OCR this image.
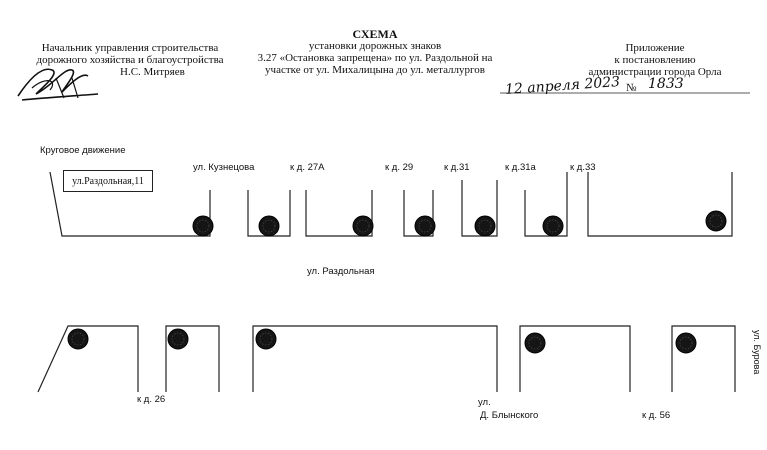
Начальник управления строительства
дорожного хозяйства и благоустройства
Н.С. Митряев
СХЕМА
установки дорожных знаков
3.27 «Остановка запрещена» по ул. Раздольной на
участке от ул. Михалицына до ул. металлургов
Приложение
к постановлению
администрации города Орла
12 апреля 2023 № 1833
Круговое движение
ул. Кузнецова	к д. 27А	к д. 29	к д.31	к д.31а	к д.33
ул. Раздольная
к д. 26	ул.
Д. Блынского	к д. 56
ул. Бурова
ул.Раздольная,11
